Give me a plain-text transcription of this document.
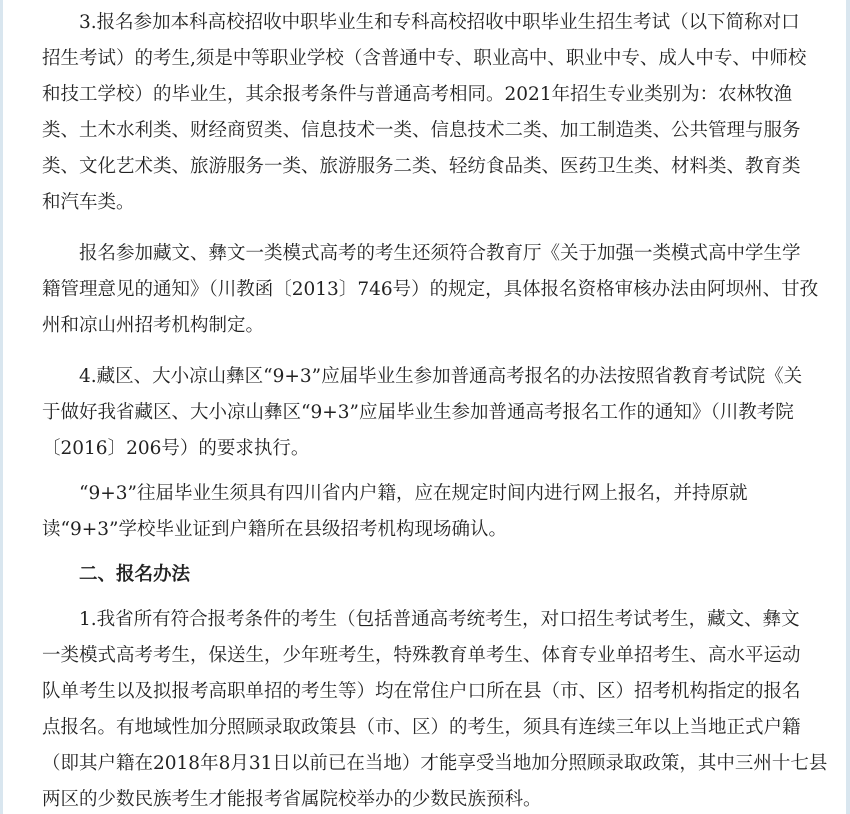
　　3.报名参加本科高校招收中职毕业生和专科高校招收中职毕业生招生考试（以下简称对口

招生考试）的考生,须是中等职业学校（含普通中专、职业高中、职业中专、成人中专、中师校

和技工学校）的毕业生，其余报考条件与普通高考相同。2021年招生专业类别为：农林牧渔

类、土木水利类、财经商贸类、信息技术一类、信息技术二类、加工制造类、公共管理与服务

类、文化艺术类、旅游服务一类、旅游服务二类、轻纺食品类、医药卫生类、材料类、教育类

和汽车类。

　　报名参加藏文、彝文一类模式高考的考生还须符合教育厅《关于加强一类模式高中学生学

籍管理意见的通知》（川教函〔2013〕746号）的规定，具体报名资格审核办法由阿坝州、甘孜

州和凉山州招考机构制定。

　　4.藏区、大小凉山彝区“9+3”应届毕业生参加普通高考报名的办法按照省教育考试院《关

于做好我省藏区、大小凉山彝区“9+3”应届毕业生参加普通高考报名工作的通知》（川教考院

〔2016〕206号）的要求执行。

　　“9+3”往届毕业生须具有四川省内户籍，应在规定时间内进行网上报名，并持原就

读“9+3”学校毕业证到户籍所在县级招考机构现场确认。

　　二、报名办法

　　1.我省所有符合报考条件的考生（包括普通高考统考生，对口招生考试考生，藏文、彝文

一类模式高考考生，保送生，少年班考生，特殊教育单考生、体育专业单招考生、高水平运动

队单考生以及拟报考高职单招的考生等）均在常住户口所在县（市、区）招考机构指定的报名

点报名。有地域性加分照顾录取政策县（市、区）的考生，须具有连续三年以上当地正式户籍

（即其户籍在2018年8月31日以前已在当地）才能享受当地加分照顾录取政策，其中三州十七县

两区的少数民族考生才能报考省属院校举办的少数民族预科。
